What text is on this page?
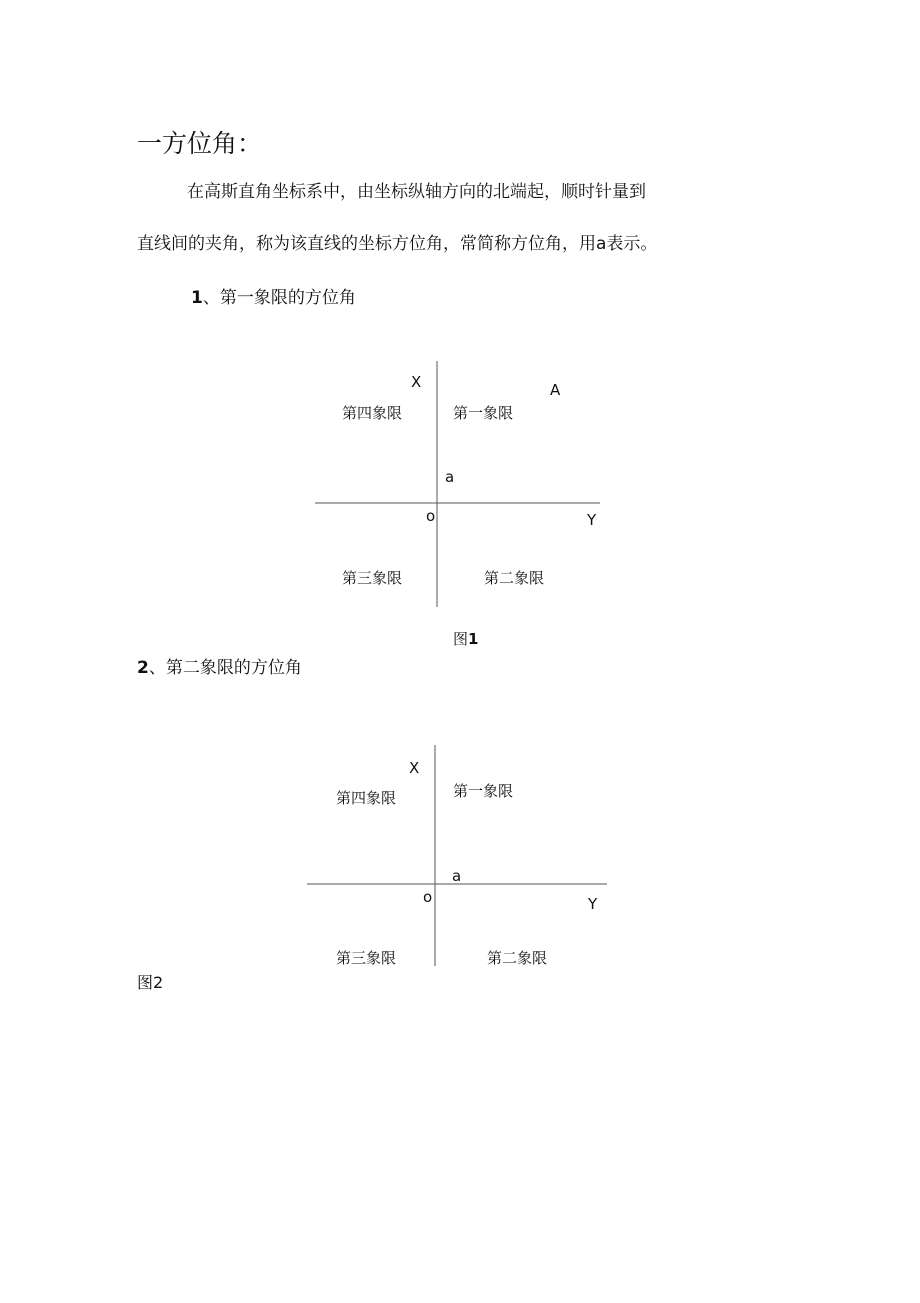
一方位角：
在高斯直角坐标系中，由坐标纵轴方向的北端起，顺时针量到
直线间的夹角，称为该直线的坐标方位角，常简称方位角，用a表示。
1、第一象限的方位角
X	A
第四象限	第一象限
a
o	Y
第三象限	第二象限
图1
2、第二象限的方位角
X
第一象限
第四象限
a
o	Y
第三象限	第二象限
图2
